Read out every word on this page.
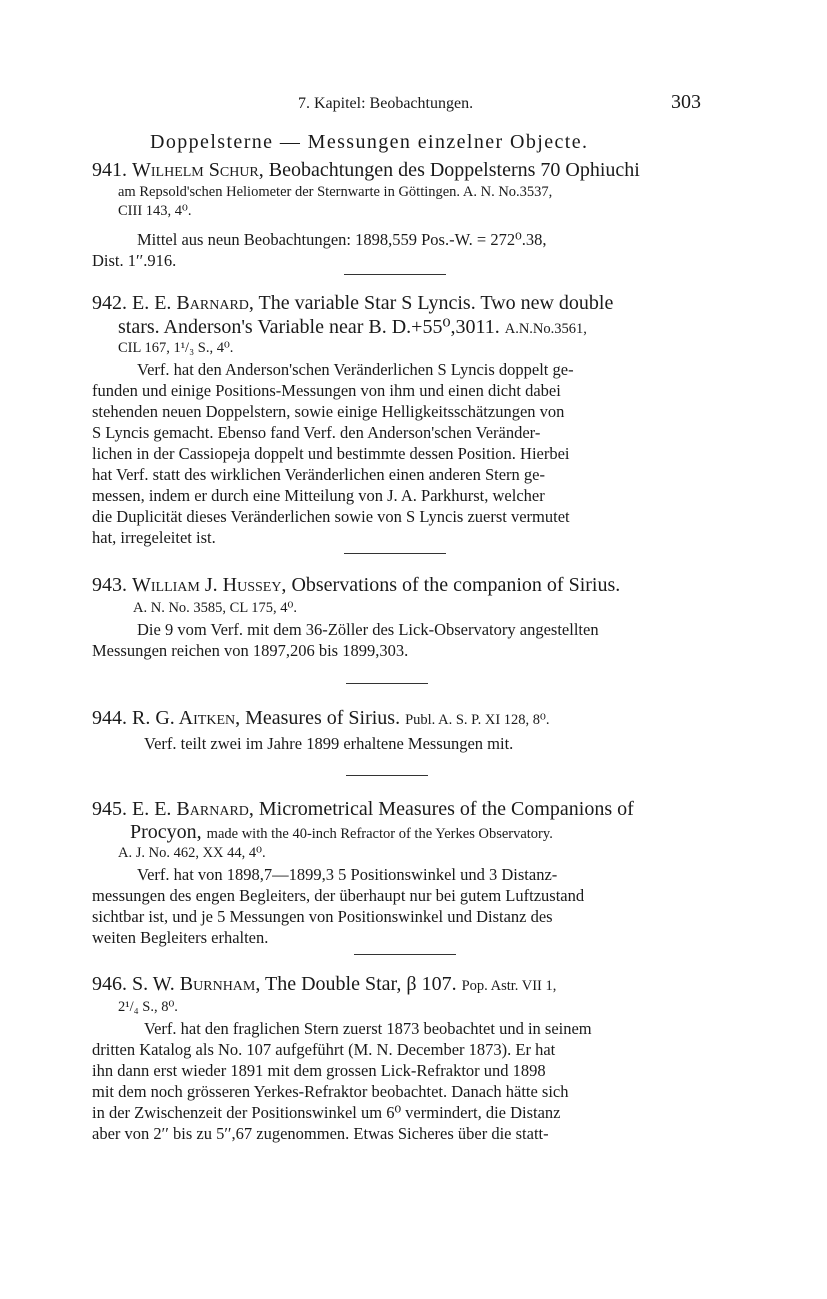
7. Kapitel: Beobachtungen.	303
Doppelsterne — Messungen einzelner Objecte.
941. Wilhelm Schur, Beobachtungen des Doppelsterns 70 Ophiuchi
am Repsold'schen Heliometer der Sternwarte in Göttingen. A. N. No.3537,
CIII 143, 4⁰.
Mittel aus neun Beobachtungen: 1898,559 Pos.-W. = 272⁰.38,
Dist. 1′′.916.
942. E. E. Barnard, The variable Star S Lyncis. Two new double
stars. Anderson's Variable near B. D.+55⁰,3011. A.N.No.3561,
CIL 167, 1¹/₃ S., 4⁰.
Verf. hat den Anderson'schen Veränderlichen S Lyncis doppelt ge-
funden und einige Positions-Messungen von ihm und einen dicht dabei
stehenden neuen Doppelstern, sowie einige Helligkeitsschätzungen von
S Lyncis gemacht. Ebenso fand Verf. den Anderson'schen Veränder-
lichen in der Cassiopeja doppelt und bestimmte dessen Position. Hierbei
hat Verf. statt des wirklichen Veränderlichen einen anderen Stern ge-
messen, indem er durch eine Mitteilung von J. A. Parkhurst, welcher
die Duplicität dieses Veränderlichen sowie von S Lyncis zuerst vermutet
hat, irregeleitet ist.
943. William J. Hussey, Observations of the companion of Sirius.
A. N. No. 3585, CL 175, 4⁰.
Die 9 vom Verf. mit dem 36-Zöller des Lick-Observatory angestellten
Messungen reichen von 1897,206 bis 1899,303.
944. R. G. Aitken, Measures of Sirius. Publ. A. S. P. XI 128, 8⁰.
Verf. teilt zwei im Jahre 1899 erhaltene Messungen mit.
945. E. E. Barnard, Micrometrical Measures of the Companions of
Procyon, made with the 40-inch Refractor of the Yerkes Observatory.
A. J. No. 462, XX 44, 4⁰.
Verf. hat von 1898,7—1899,3 5 Positionswinkel und 3 Distanz-
messungen des engen Begleiters, der überhaupt nur bei gutem Luftzustand
sichtbar ist, und je 5 Messungen von Positionswinkel und Distanz des
weiten Begleiters erhalten.
946. S. W. Burnham, The Double Star, β 107. Pop. Astr. VII 1,
2¹/₄ S., 8⁰.
Verf. hat den fraglichen Stern zuerst 1873 beobachtet und in seinem
dritten Katalog als No. 107 aufgeführt (M. N. December 1873). Er hat
ihn dann erst wieder 1891 mit dem grossen Lick-Refraktor und 1898
mit dem noch grösseren Yerkes-Refraktor beobachtet. Danach hätte sich
in der Zwischenzeit der Positionswinkel um 6⁰ vermindert, die Distanz
aber von 2′′ bis zu 5′′,67 zugenommen. Etwas Sicheres über die statt-
